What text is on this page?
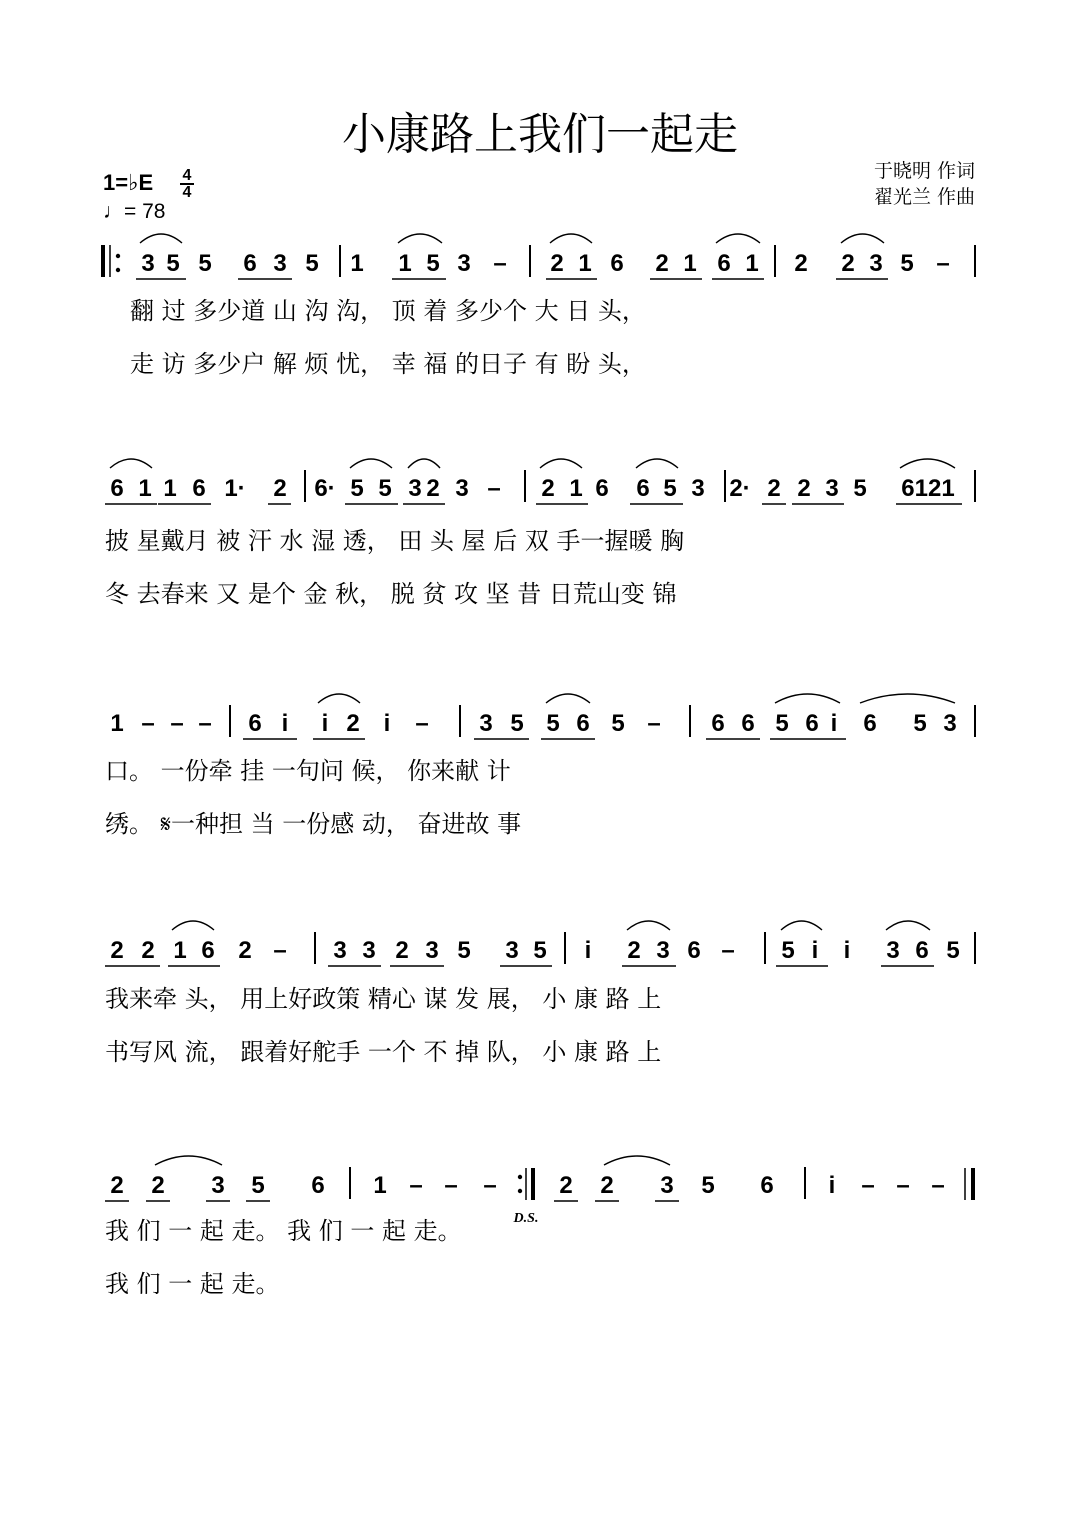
小康路上我们一起走
于晓明 作词
翟光兰 作曲
1=♭E 4
4
♩= 78
3 5 5 6 3 5 1 1 5 3 – 2 1 6 2 1 6 1 2 2 3 5 –
6 1 1 6 1· 2 6· 5 5 3 2 3 – 2 1 6 6 5 3 2· 2 2 3 5 6121
1 – – – 6 i i 2 i – 3 5 5 6 5 – 6 6 5 6 i 6 5 3
2 2 1 6 2 – 3 3 2 3 5 3 5 i 2 3 6 – 5 i i 3 6 5
2 2 3 5 6 1 – – –	2 2 3 5 6 i – – –
D.S.
翻 过 多少道 山 沟 沟， 顶 着 多少个 大 日 头，
走 访 多少户 解 烦 忧， 幸 福 的日子 有 盼 头，
披 星戴月 被 汗 水 湿 透， 田 头 屋 后 双 手一握暖 胸
冬 去春来 又 是个 金 秋， 脱 贫 攻 坚 昔 日荒山变 锦
口。 一份牵 挂 一句问 候， 你来献 计
绣。 𝄋一种担 当 一份感 动， 奋进故 事
我来牵 头， 用上好政策 精心 谋 发 展， 小 康 路 上
书写风 流， 跟着好舵手 一个 不 掉 队， 小 康 路 上
我 们 一 起 走。 我 们 一 起 走。
我 们 一 起 走。
